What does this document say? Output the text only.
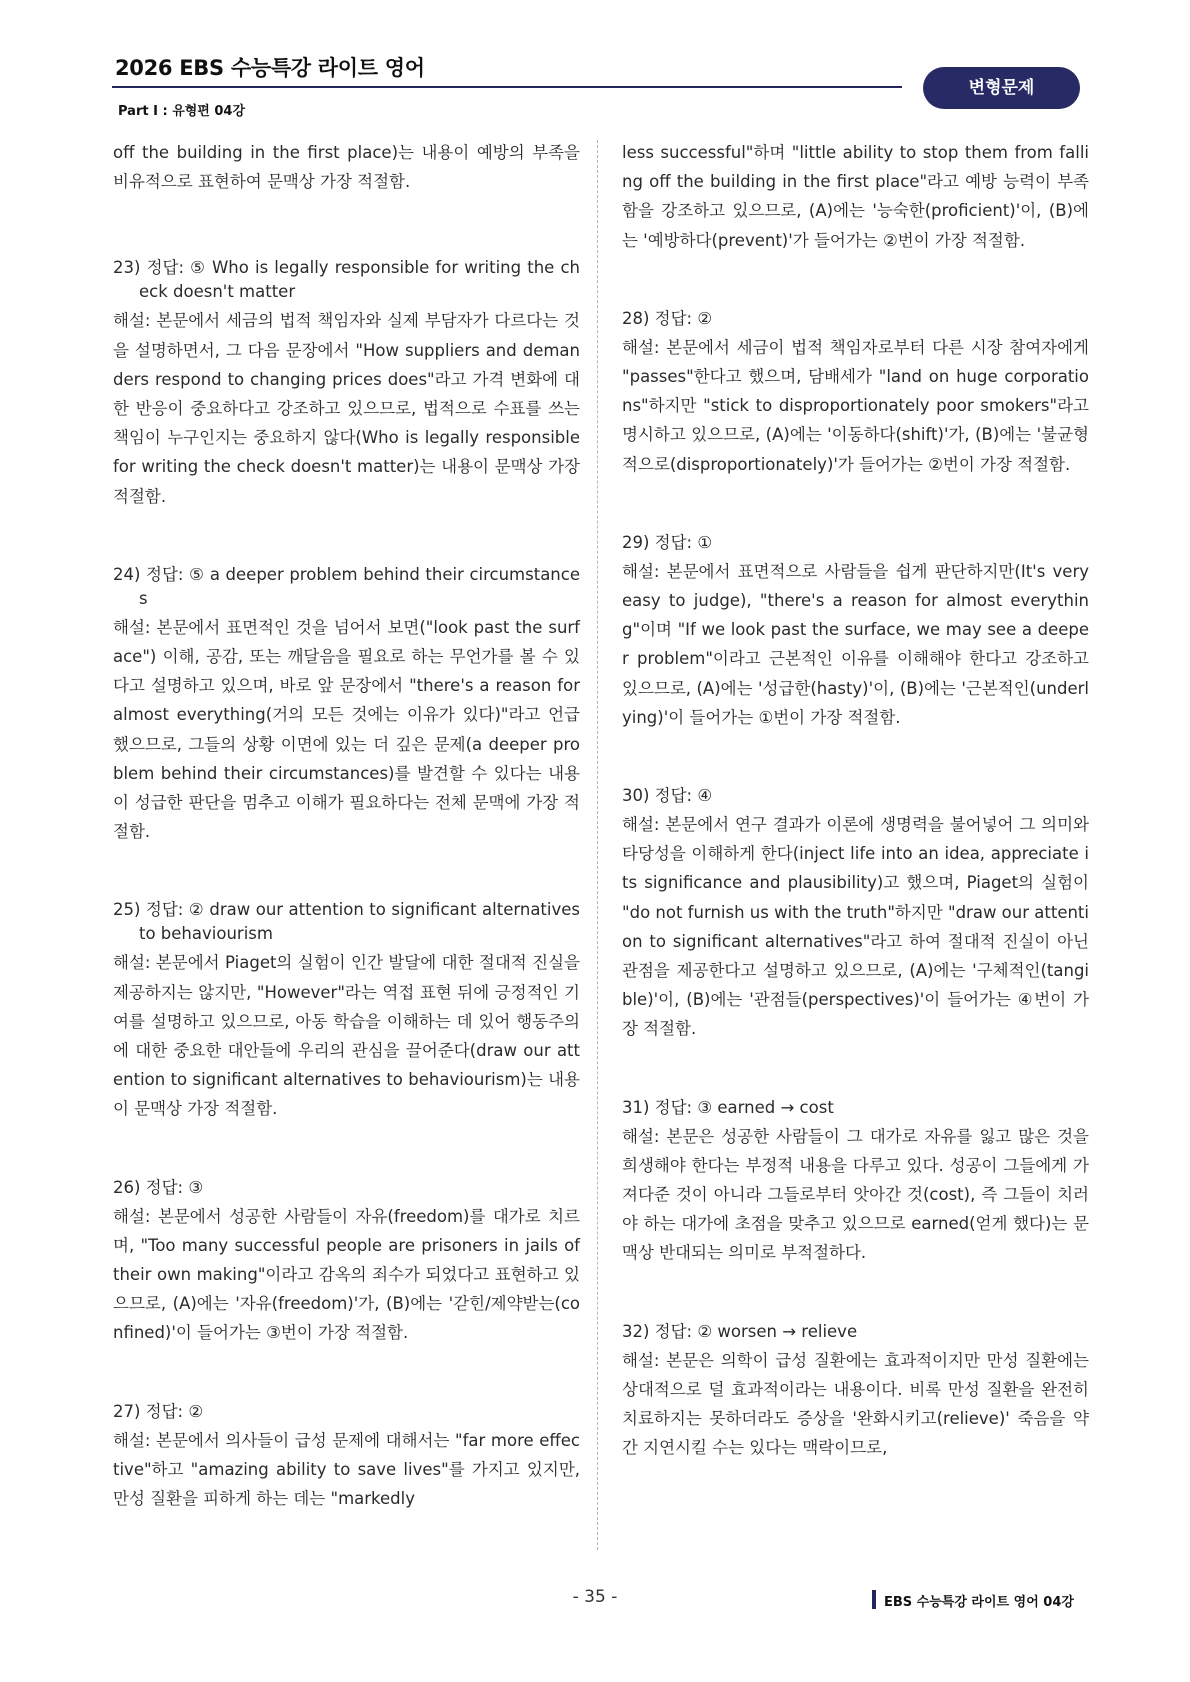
2026 EBS 수능특강 라이트 영어
Part Ⅰ : 유형편 04강
변형문제

off the building in the first place)는 내용이 예방의 부족을 비유적으로 표현하여 문맥상 가장 적절함.

23) 정답: ⑤ Who is legally responsible for writing the check doesn't matter
해설: 본문에서 세금의 법적 책임자와 실제 부담자가 다르다는 것을 설명하면서, 그 다음 문장에서 "How suppliers and demanders respond to changing prices does"라고 가격 변화에 대한 반응이 중요하다고 강조하고 있으므로, 법적으로 수표를 쓰는 책임이 누구인지는 중요하지 않다(Who is legally responsible for writing the check doesn't matter)는 내용이 문맥상 가장 적절함.
24) 정답: ⑤ a deeper problem behind their circumstances
해설: 본문에서 표면적인 것을 넘어서 보면("look past the surface") 이해, 공감, 또는 깨달음을 필요로 하는 무언가를 볼 수 있다고 설명하고 있으며, 바로 앞 문장에서 "there's a reason for almost everything(거의 모든 것에는 이유가 있다)"라고 언급했으므로, 그들의 상황 이면에 있는 더 깊은 문제(a deeper problem behind their circumstances)를 발견할 수 있다는 내용이 성급한 판단을 멈추고 이해가 필요하다는 전체 문맥에 가장 적절함.
25) 정답: ② draw our attention to significant alternatives to behaviourism
해설: 본문에서 Piaget의 실험이 인간 발달에 대한 절대적 진실을 제공하지는 않지만, "However"라는 역접 표현 뒤에 긍정적인 기여를 설명하고 있으므로, 아동 학습을 이해하는 데 있어 행동주의에 대한 중요한 대안들에 우리의 관심을 끌어준다(draw our attention to significant alternatives to behaviourism)는 내용이 문맥상 가장 적절함.
26) 정답: ③
해설: 본문에서 성공한 사람들이 자유(freedom)를 대가로 치르며, "Too many successful people are prisoners in jails of their own making"이라고 감옥의 죄수가 되었다고 표현하고 있으므로, (A)에는 '자유(freedom)'가, (B)에는 '갇힌/제약받는(confined)'이 들어가는 ③번이 가장 적절함.
27) 정답: ②
해설: 본문에서 의사들이 급성 문제에 대해서는 "far more effective"하고 "amazing ability to save lives"를 가지고 있지만, 만성 질환을 피하게 하는 데는 "markedly

less successful"하며 "little ability to stop them from falling off the building in the first place"라고 예방 능력이 부족함을 강조하고 있으므로, (A)에는 '능숙한(proficient)'이, (B)에는 '예방하다(prevent)'가 들어가는 ②번이 가장 적절함.

28) 정답: ②
해설: 본문에서 세금이 법적 책임자로부터 다른 시장 참여자에게 "passes"한다고 했으며, 담배세가 "land on huge corporations"하지만 "stick to disproportionately poor smokers"라고 명시하고 있으므로, (A)에는 '이동하다(shift)'가, (B)에는 '불균형적으로(disproportionately)'가 들어가는 ②번이 가장 적절함.
29) 정답: ①
해설: 본문에서 표면적으로 사람들을 쉽게 판단하지만(It's very easy to judge), "there's a reason for almost everything"이며 "If we look past the surface, we may see a deeper problem"이라고 근본적인 이유를 이해해야 한다고 강조하고 있으므로, (A)에는 '성급한(hasty)'이, (B)에는 '근본적인(underlying)'이 들어가는 ①번이 가장 적절함.
30) 정답: ④
해설: 본문에서 연구 결과가 이론에 생명력을 불어넣어 그 의미와 타당성을 이해하게 한다(inject life into an idea, appreciate its significance and plausibility)고 했으며, Piaget의 실험이 "do not furnish us with the truth"하지만 "draw our attention to significant alternatives"라고 하여 절대적 진실이 아닌 관점을 제공한다고 설명하고 있으므로, (A)에는 '구체적인(tangible)'이, (B)에는 '관점들(perspectives)'이 들어가는 ④번이 가장 적절함.
31) 정답: ③ earned → cost
해설: 본문은 성공한 사람들이 그 대가로 자유를 잃고 많은 것을 희생해야 한다는 부정적 내용을 다루고 있다. 성공이 그들에게 가져다준 것이 아니라 그들로부터 앗아간 것(cost), 즉 그들이 치러야 하는 대가에 초점을 맞추고 있으므로 earned(얻게 했다)는 문맥상 반대되는 의미로 부적절하다.
32) 정답: ② worsen → relieve
해설: 본문은 의학이 급성 질환에는 효과적이지만 만성 질환에는 상대적으로 덜 효과적이라는 내용이다. 비록 만성 질환을 완전히 치료하지는 못하더라도 증상을 '완화시키고(relieve)' 죽음을 약간 지연시킬 수는 있다는 맥락이므로,
- 35 -	EBS 수능특강 라이트 영어 04강
